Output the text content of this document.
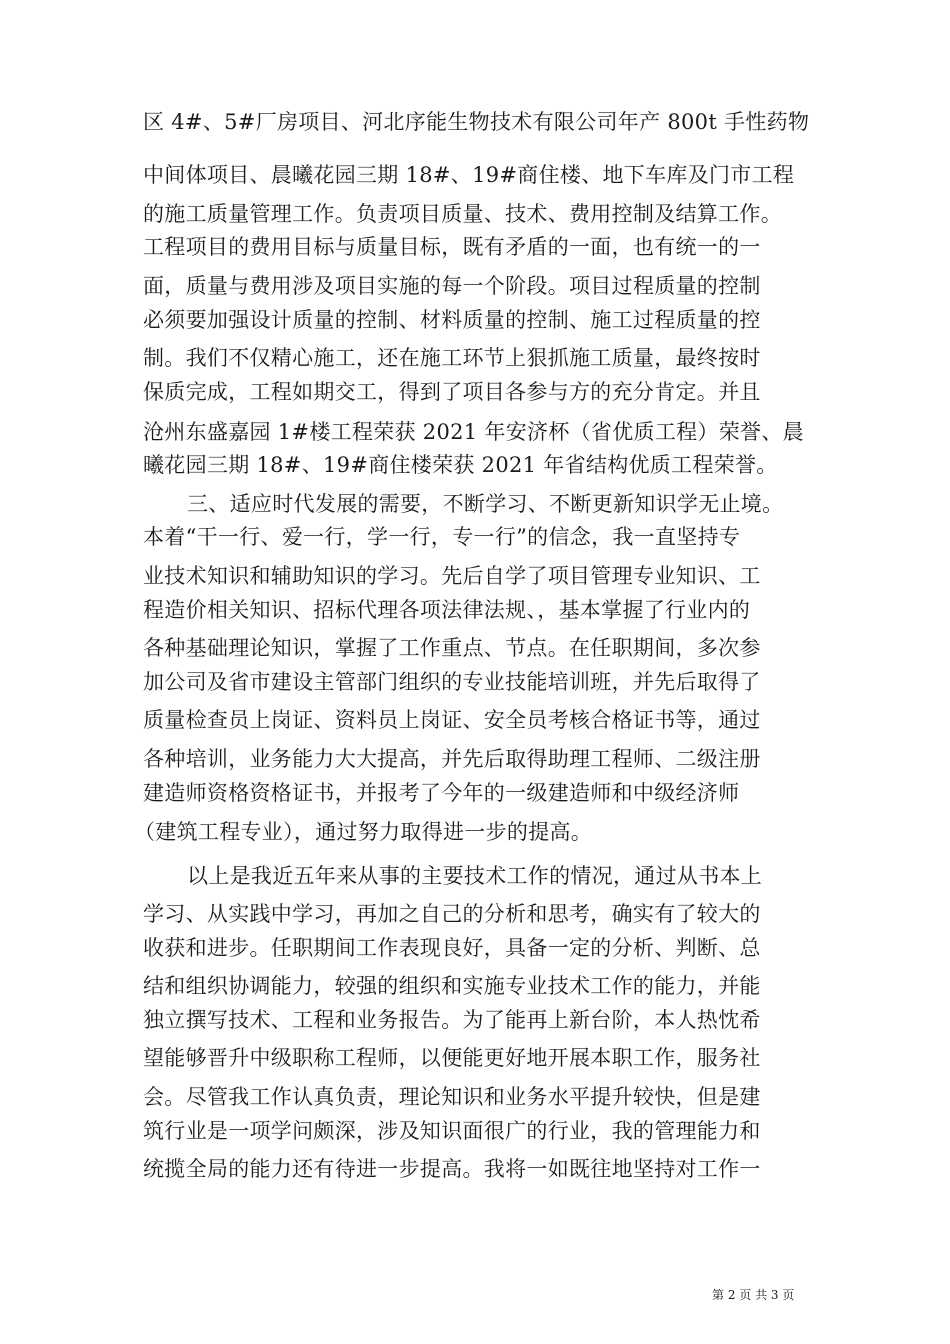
区 4#、5#厂房项目、河北序能生物技术有限公司年产 800t 手性药物
中间体项目、晨曦花园三期 18#、19#商住楼、地下车库及门市工程
的施工质量管理工作。负责项目质量、技术、费用控制及结算工作。
工程项目的费用目标与质量目标，既有矛盾的一面，也有统一的一
面，质量与费用涉及项目实施的每一个阶段。项目过程质量的控制
必须要加强设计质量的控制、材料质量的控制、施工过程质量的控
制。我们不仅精心施工，还在施工环节上狠抓施工质量，最终按时
保质完成，工程如期交工，得到了项目各参与方的充分肯定。并且
沧州东盛嘉园 1#楼工程荣获 2021 年安济杯（省优质工程）荣誉、晨
曦花园三期 18#、19#商住楼荣获 2021 年省结构优质工程荣誉。
三、适应时代发展的需要，不断学习、不断更新知识学无止境。
本着“干一行、爱一行，学一行，专一行”的信念，我一直坚持专
业技术知识和辅助知识的学习。先后自学了项目管理专业知识、工
程造价相关知识、招标代理各项法律法规、，基本掌握了行业内的
各种基础理论知识，掌握了工作重点、节点。在任职期间，多次参
加公司及省市建设主管部门组织的专业技能培训班，并先后取得了
质量检查员上岗证、资料员上岗证、安全员考核合格证书等，通过
各种培训，业务能力大大提高，并先后取得助理工程师、二级注册
建造师资格资格证书，并报考了今年的一级建造师和中级经济师
（建筑工程专业），通过努力取得进一步的提高。
以上是我近五年来从事的主要技术工作的情况，通过从书本上
学习、从实践中学习，再加之自己的分析和思考，确实有了较大的
收获和进步。任职期间工作表现良好，具备一定的分析、判断、总
结和组织协调能力，较强的组织和实施专业技术工作的能力，并能
独立撰写技术、工程和业务报告。为了能再上新台阶，本人热忱希
望能够晋升中级职称工程师，以便能更好地开展本职工作，服务社
会。尽管我工作认真负责，理论知识和业务水平提升较快，但是建
筑行业是一项学问颇深，涉及知识面很广的行业，我的管理能力和
统揽全局的能力还有待进一步提高。我将一如既往地坚持对工作一
第 2 页 共 3 页
